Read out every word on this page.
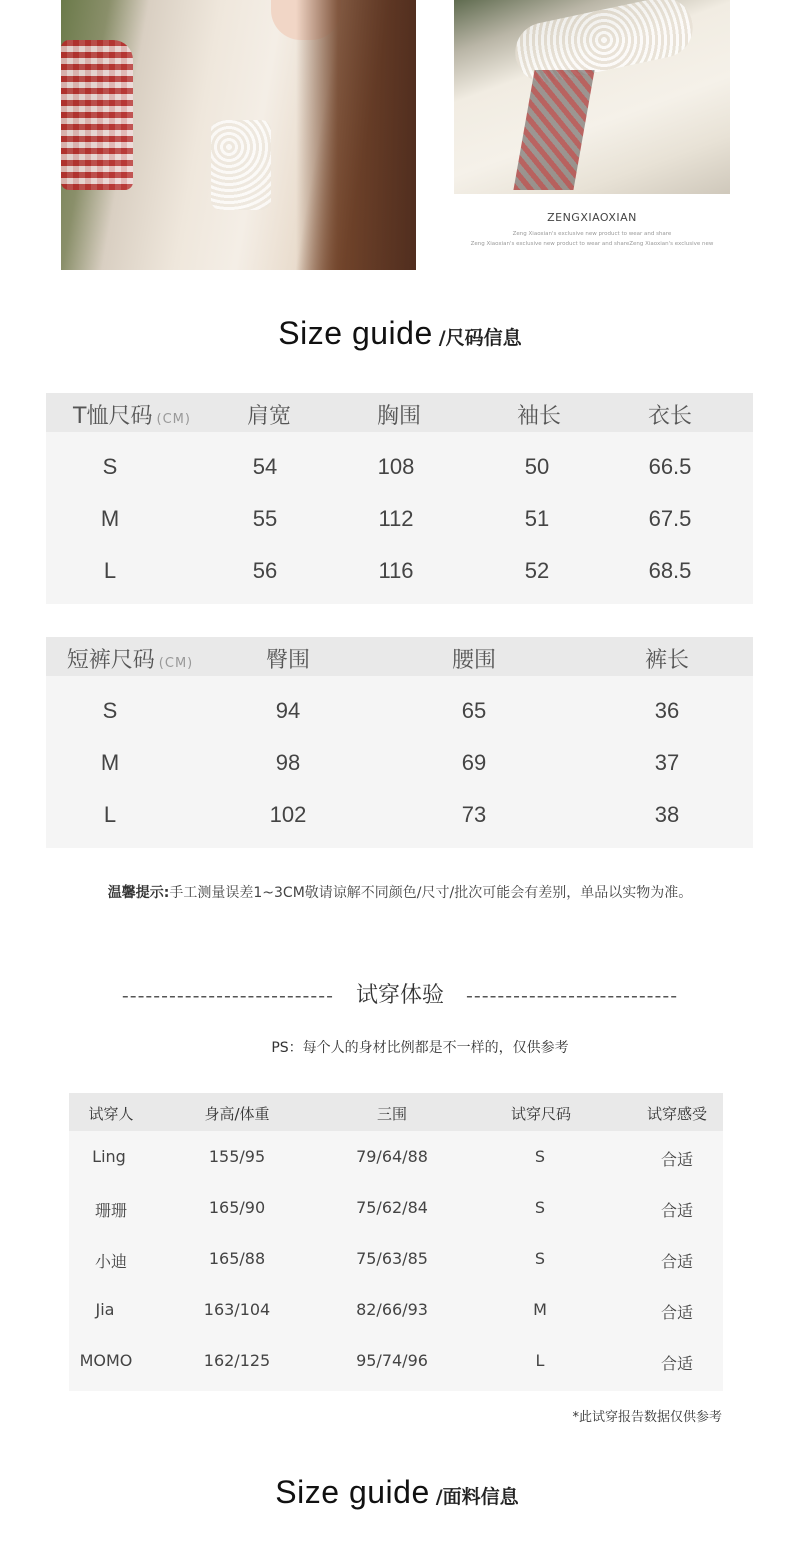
ZENGXIAOXIAN
Zeng Xiaoxian's exclusive new product to wear and share
Zeng Xiaoxian's exclusive new product to wear and shareZeng Xiaoxian's exclusive new
Size guide /尺码信息
T恤尺码 (CM)	肩宽	胸围	袖长	衣长
S	54	108	50	66.5
M	55	112	51	67.5
L	56	116	52	68.5
短裤尺码 (CM)	臀围	腰围	裤长
S	94	65	36
M	98	69	37
L	102	73	38
温馨提示:手工测量误差1~3CM敬请谅解不同颜色/尺寸/批次可能会有差别，单品以实物为准。
--------------------------- 试穿体验 ---------------------------
PS：每个人的身材比例都是不一样的，仅供参考
试穿人	身高/体重	三围	试穿尺码	试穿感受
Ling	155/95	79/64/88	S	合适
珊珊	165/90	75/62/84	S	合适
小迪	165/88	75/63/85	S	合适
Jia	163/104	82/66/93	M	合适
MOMO	162/125	95/74/96	L	合适
*此试穿报告数据仅供参考
Size guide /面料信息
